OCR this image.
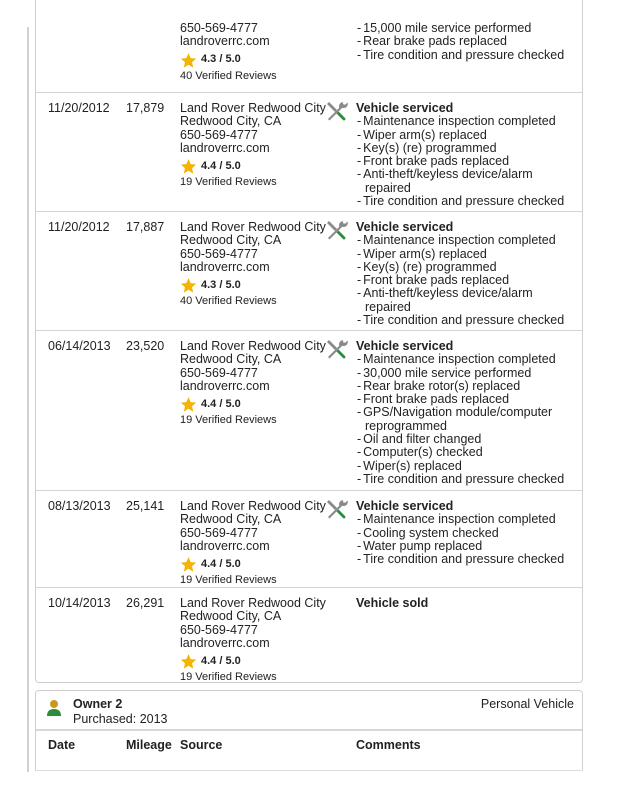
650-569-4777
landroverrc.com
4.3 / 5.0
40 Verified Reviews
- 15,000 mile service performed
- Rear brake pads replaced
- Tire condition and pressure checked
11/20/2012 17,879 Land Rover Redwood City
Redwood City, CA
650-569-4777
landroverrc.com
4.4 / 5.0
19 Verified Reviews
Vehicle serviced
- Maintenance inspection completed
- Wiper arm(s) replaced
- Key(s) (re) programmed
- Front brake pads replaced
- Anti-theft/keyless device/alarm repaired
- Tire condition and pressure checked
11/20/2012 17,887 Land Rover Redwood City
Redwood City, CA
650-569-4777
landroverrc.com
4.3 / 5.0
40 Verified Reviews
Vehicle serviced
- Maintenance inspection completed
- Wiper arm(s) replaced
- Key(s) (re) programmed
- Front brake pads replaced
- Anti-theft/keyless device/alarm repaired
- Tire condition and pressure checked
06/14/2013 23,520 Land Rover Redwood City
Redwood City, CA
650-569-4777
landroverrc.com
4.4 / 5.0
19 Verified Reviews
Vehicle serviced
- Maintenance inspection completed
- 30,000 mile service performed
- Rear brake rotor(s) replaced
- Front brake pads replaced
- GPS/Navigation module/computer reprogrammed
- Oil and filter changed
- Computer(s) checked
- Wiper(s) replaced
- Tire condition and pressure checked
08/13/2013 25,141 Land Rover Redwood City
Redwood City, CA
650-569-4777
landroverrc.com
4.4 / 5.0
19 Verified Reviews
Vehicle serviced
- Maintenance inspection completed
- Cooling system checked
- Water pump replaced
- Tire condition and pressure checked
10/14/2013 26,291 Land Rover Redwood City
Redwood City, CA
650-569-4777
landroverrc.com
4.4 / 5.0
19 Verified Reviews
Vehicle sold
Owner 2
Purchased: 2013
Personal Vehicle
Date	Mileage Source	Comments
